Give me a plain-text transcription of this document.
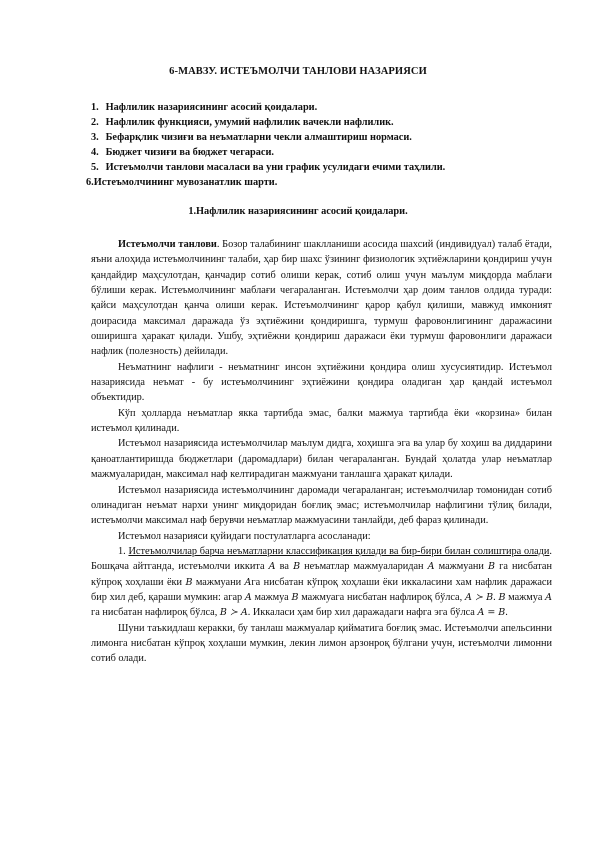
6-МАВЗУ. ИСТЕЪМОЛЧИ ТАНЛОВИ НАЗАРИЯСИ
1. Нафлилик назариясининг асосий қоидалари.
2. Нафлилик функцияси, умумий нафлилик вачекли нафлилик.
3. Бефарқлик чизиғи ва неъматларни чекли алмаштириш нормаси.
4. Бюджет чизиғи ва бюджет чегараси.
5. Истеъмолчи танлови масаласи ва уни график усулидаги ечими таҳлили.
6.Истеъмолчининг мувозанатлик шарти.
1.Нафлилик назариясининг асосий қоидалари.

Истеъмолчи танлови. Бозор талабининг шаклланиши асосида шахсий (индивидуал) талаб ётади, яъни алоҳида истеъмолчининг талаби, ҳар бир шахс ўзининг физиологик эҳтиёжларини қондириш учун қандайдир маҳсулотдан, қанчадир сотиб олиши керак, сотиб олиш учун маълум миқдорда маблағи бўлиши керак. Истеъмолчининг маблағи чегараланган. Истеъмолчи ҳар доим танлов олдида туради: қайси маҳсулотдан қанча олиши керак. Истеъмолчининг қарор қабул қилиши, мавжуд имконият доирасида максимал даражада ўз эҳтиёжини қондиришга, турмуш фаровонлигининг даражасини оширишга ҳаракат қилади. Ушбу, эҳтиёжни қондириш даражаси ёки турмуш фаровонлиги даражаси нафлик (полезность) дейилади.

Неъматнинг нафлиги - неъматнинг инсон эҳтиёжини қондира олиш хусусиятидир. Истеъмол назариясида неъмат - бу истеъмолчининг эҳтиёжини қондира оладиган ҳар қандай истеъмол объектидир.

Кўп ҳолларда неъматлар якка тартибда эмас, балки мажмуа тартибда ёки «корзина» билан истеъмол қилинади.

Истеъмол назариясида истеъмолчилар маълум дидга, хоҳишга эга ва улар бу хоҳиш ва диддарини қаноатлантиришда бюджетлари (даромадлари) билан чегараланган. Бундай ҳолатда улар неъматлар мажмуаларидан, максимал наф келтирадиган мажмуани танлашга ҳаракат қилади.

Истеъмол назариясида истеъмолчининг даромади чегараланган; истеъмолчилар томонидан сотиб олинадиган неъмат нархи унинг миқдоридан боғлиқ эмас; истеъмолчилар нафлигини тўлиқ билади, истеъмолчи максимал наф берувчи неъматлар мажмуасини танлайди, деб фараз қилинади.

Истеъмол назарияси қуйидаги постулатларга асосланади:

1. Истеъмолчилар барча неъматларни классификация қилади ва бир-бири билан солиштира олади. Бошқача айтганда, истеъмолчи иккита A ва B неъматлар мажмуаларидан A мажмуани B га нисбатан кўпроқ хоҳлаши ёки B мажмуани Aга нисбатан кўпроқ хоҳлаши ёки иккаласини хам нафлик даражаси бир хил деб, қараши мумкин: агар A мажмуа B мажмуага нисбатан нафлироқ бўлса, A ≻ B. B мажмуа A га нисбатан нафлироқ бўлса, B ≻ A. Иккаласи ҳам бир хил даражадаги нафга эга бўлса A = B.

Шуни таъкидлаш керакки, бу танлаш мажмуалар қийматига боғлиқ эмас. Истеъмолчи апельсинни лимонга нисбатан кўпроқ хоҳлаши мумкин, лекин лимон арзонроқ бўлгани учун, истеъмолчи лимонни сотиб олади.
